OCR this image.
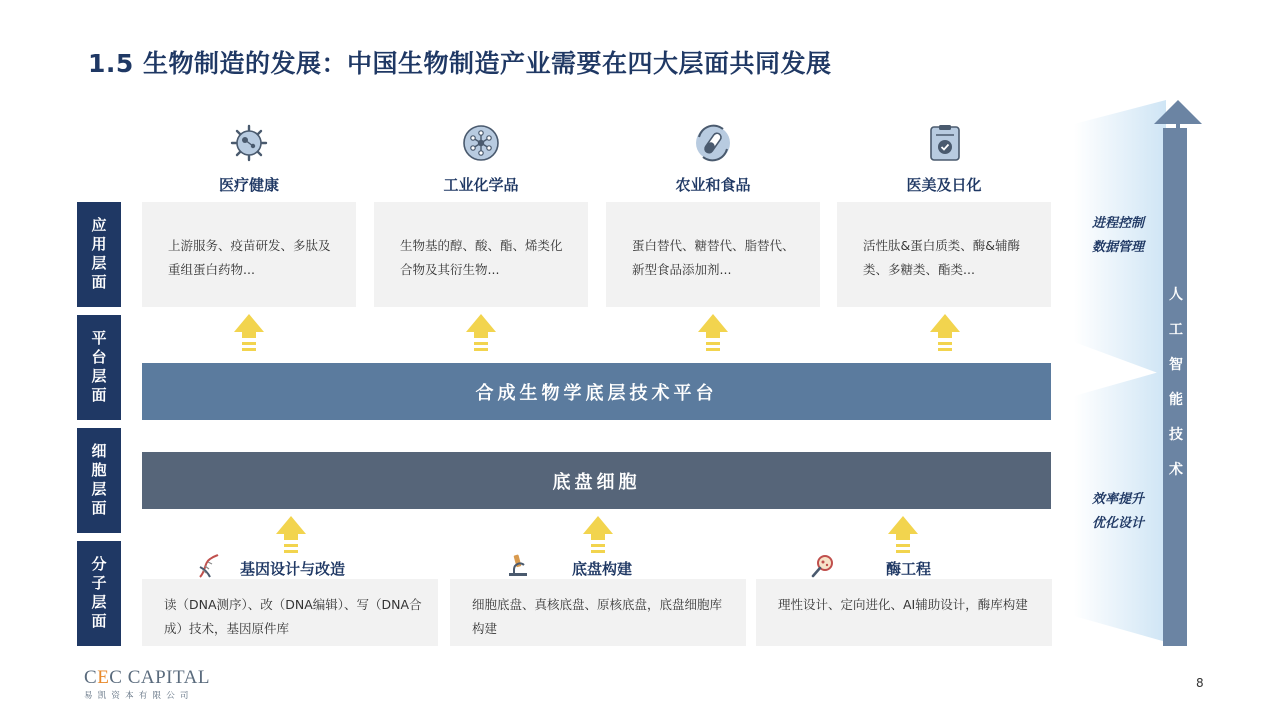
1.5 生物制造的发展：中国生物制造产业需要在四大层面共同发展
应用层面
平台层面
细胞层面
分子层面
医疗健康	工业化学品	农业和食品	医美及日化
上游服务、疫苗研发、多肽及重组蛋白药物...
生物基的醇、酸、酯、烯类化合物及其衍生物...
蛋白替代、糖替代、脂替代、新型食品添加剂...
活性肽&蛋白质类、酶&辅酶类、多糖类、酯类...
合成生物学底层技术平台
底盘细胞
基因设计与改造	底盘构建	酶工程
读（DNA测序）、改（DNA编辑）、写（DNA合成）技术，基因原件库
细胞底盘、真核底盘、原核底盘，底盘细胞库构建
理性设计、定向进化、AI辅助设计，酶库构建
进程控制
数据管理
效率提升
优化设计
人
工
智
能
技
术
CEC CAPITAL
易凯资本有限公司
8
